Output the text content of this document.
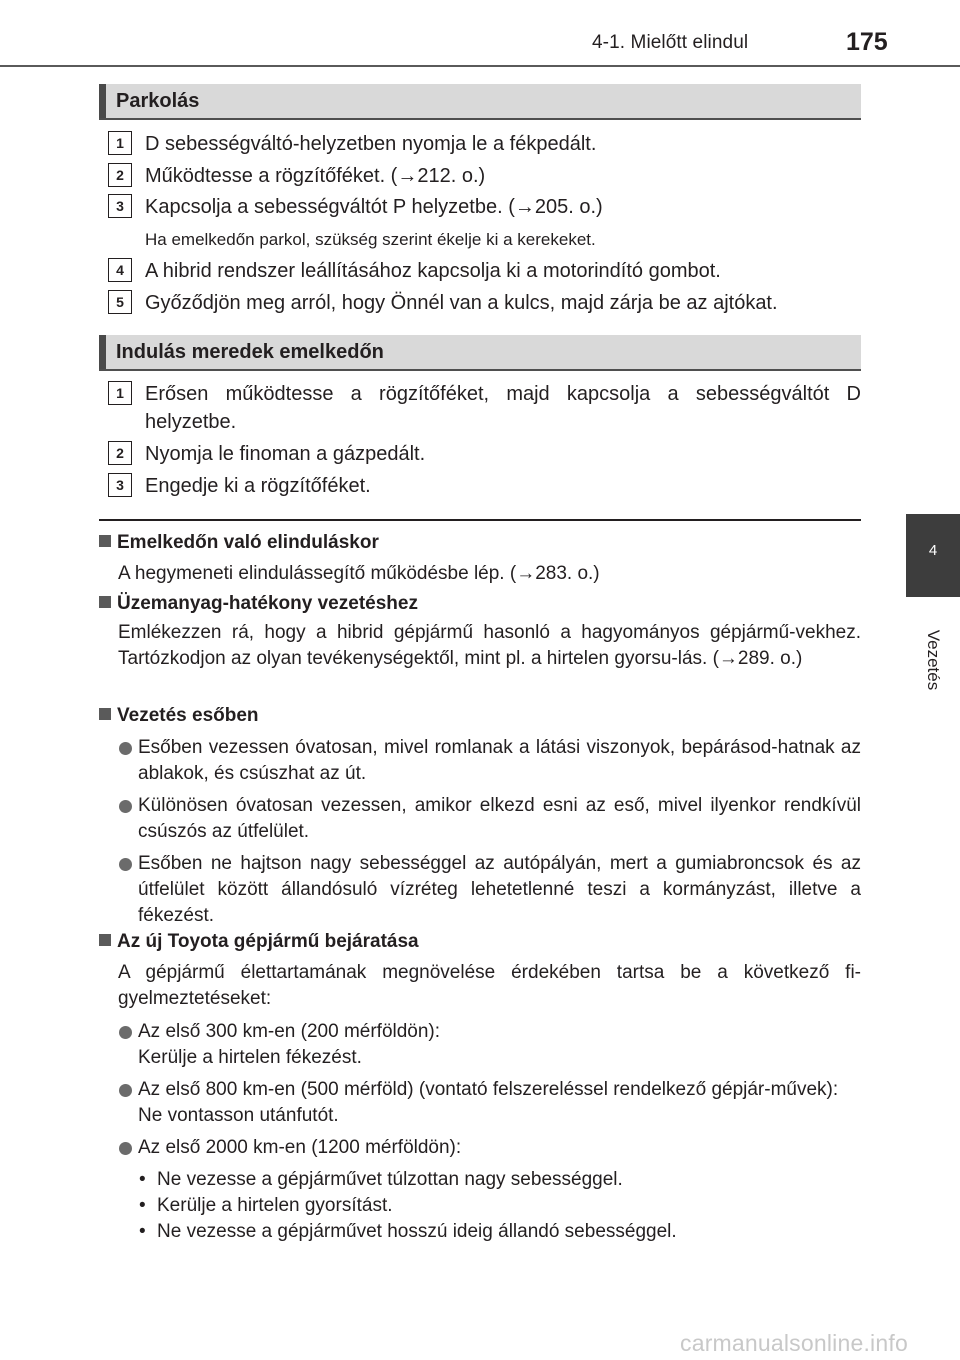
4-1. Mielőtt elindul	175
4
Vezetés
Parkolás
1	D sebességváltó-helyzetben nyomja le a fékpedált.
2	Működtesse a rögzítőféket. (→212. o.)
3	Kapcsolja a sebességváltót P helyzetbe. (→205. o.)
Ha emelkedőn parkol, szükség szerint ékelje ki a kerekeket.
4	A hibrid rendszer leállításához kapcsolja ki a motorindító gombot.
5	Győződjön meg arról, hogy Önnél van a kulcs, majd zárja be az ajtókat.
Indulás meredek emelkedőn
1	Erősen működtesse a rögzítőféket, majd kapcsolja a sebességváltót D helyzetbe.
2	Nyomja le finoman a gázpedált.
3	Engedje ki a rögzítőféket.
Emelkedőn való elinduláskor
A hegymeneti elindulássegítő működésbe lép. (→283. o.)
Üzemanyag-hatékony vezetéshez
Emlékezzen rá, hogy a hibrid gépjármű hasonló a hagyományos gépjármű-vekhez. Tartózkodjon az olyan tevékenységektől, mint pl. a hirtelen gyorsu-lás. (→289. o.)
Vezetés esőben
Esőben vezessen óvatosan, mivel romlanak a látási viszonyok, bepárásod-hatnak az ablakok, és csúszhat az út.
Különösen óvatosan vezessen, amikor elkezd esni az eső, mivel ilyenkor rendkívül csúszós az útfelület.
Esőben ne hajtson nagy sebességgel az autópályán, mert a gumiabroncsok és az útfelület között állandósuló vízréteg lehetetlenné teszi a kormányzást, illetve a fékezést.
Az új Toyota gépjármű bejáratása
A gépjármű élettartamának megnövelése érdekében tartsa be a következő fi-gyelmeztetéseket:
Az első 300 km-en (200 mérföldön):
Kerülje a hirtelen fékezést.
Az első 800 km-en (500 mérföld) (vontató felszereléssel rendelkező gépjár-művek):
Ne vontasson utánfutót.
Az első 2000 km-en (1200 mérföldön):
• Ne vezesse a gépjárművet túlzottan nagy sebességgel.
• Kerülje a hirtelen gyorsítást.
• Ne vezesse a gépjárművet hosszú ideig állandó sebességgel.
carmanualsonline.info
